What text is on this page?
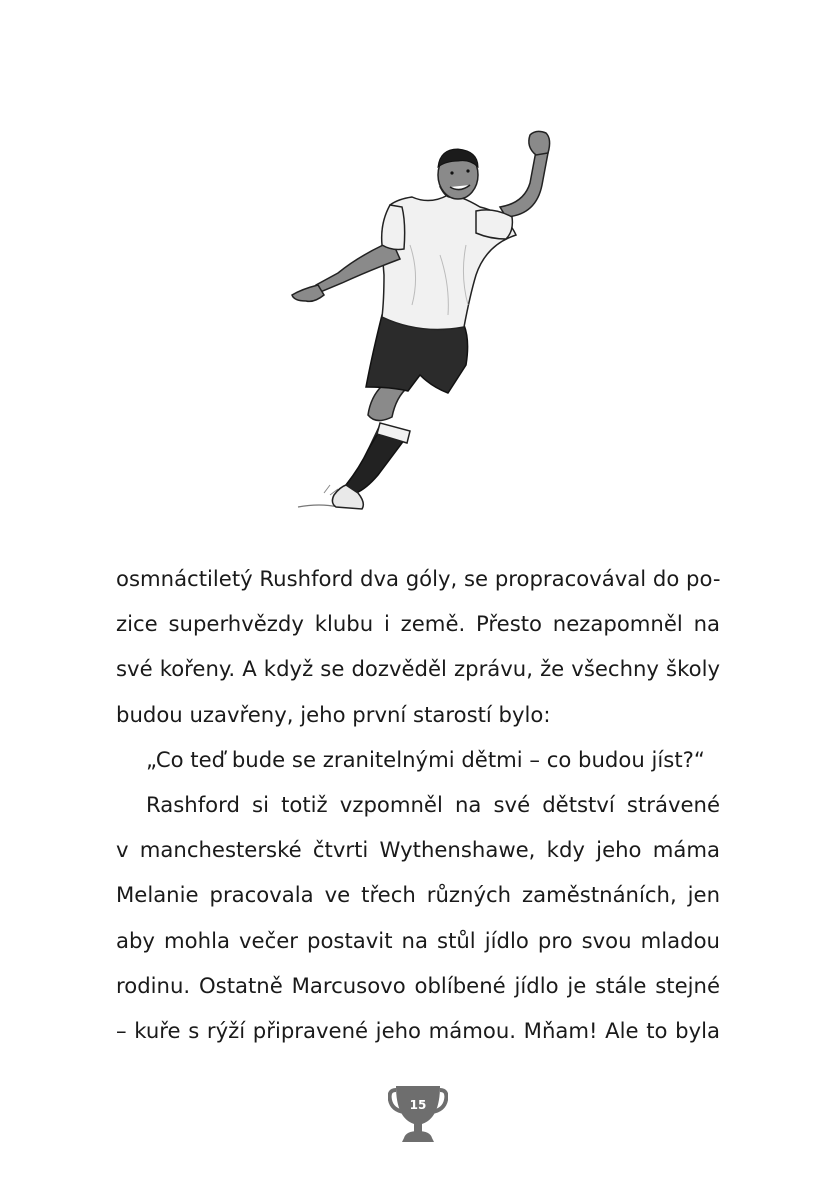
osmnáctiletý Rushford dva góly, se propracovával do po-
zice superhvězdy klubu i země. Přesto nezapomněl na
své kořeny. A když se dozvěděl zprávu, že všechny školy
budou uzavřeny, jeho první starostí bylo:
„Co teď bude se zranitelnými dětmi – co budou jíst?“
Rashford si totiž vzpomněl na své dětství strávené
v manchesterské čtvrti Wythenshawe, kdy jeho máma
Melanie pracovala ve třech různých zaměstnáních, jen
aby mohla večer postavit na stůl jídlo pro svou mladou
rodinu. Ostatně Marcusovo oblíbené jídlo je stále stejné
– kuře s rýží připravené jeho mámou. Mňam! Ale to byla
15
